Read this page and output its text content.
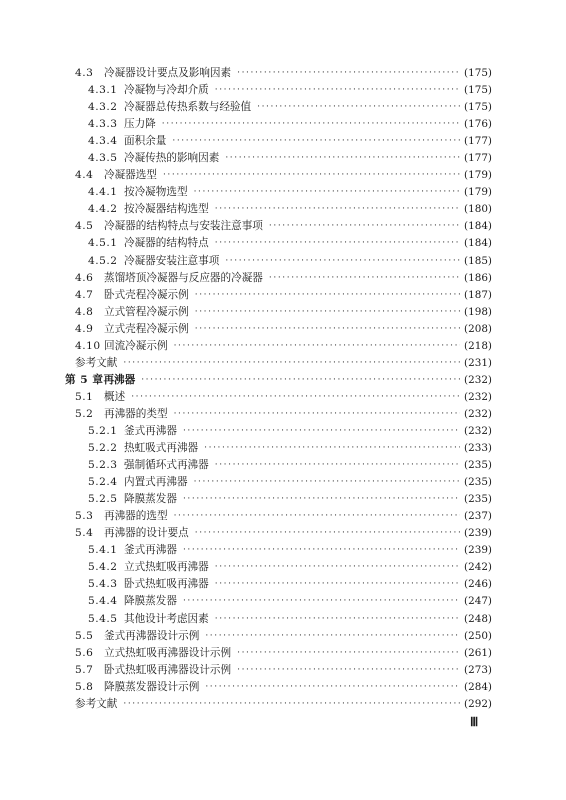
4.3	冷凝器设计要点及影响因素 ·····	(175)
4.3.1 冷凝物与冷却介质 ·····	(175)
4.3.2 冷凝器总传热系数与经验值 ·····	(175)
4.3.3 压力降 ·····	(176)
4.3.4 面积余量 ·····	(177)
4.3.5 冷凝传热的影响因素 ·····	(177)
4.4	冷凝器选型 ·····	(179)
4.4.1 按冷凝物选型 ·····	(179)
4.4.2 按冷凝器结构选型 ·····	(180)
4.5	冷凝器的结构特点与安装注意事项 ·····	(184)
4.5.1 冷凝器的结构特点 ·····	(184)
4.5.2 冷凝器安装注意事项 ·····	(185)
4.6	蒸馏塔顶冷凝器与反应器的冷凝器 ·····	(186)
4.7	卧式壳程冷凝示例 ·····	(187)
4.8	立式管程冷凝示例 ·····	(198)
4.9	立式壳程冷凝示例 ·····	(208)
4.10 回流冷凝示例 ·····	(218)
参考文献 ·····	(231)
第 5 章 再沸器 ·····	(232)
5.1	概述 ·····	(232)
5.2	再沸器的类型 ·····	(232)
5.2.1 釜式再沸器 ·····	(232)
5.2.2 热虹吸式再沸器 ·····	(233)
5.2.3 强制循环式再沸器 ·····	(235)
5.2.4 内置式再沸器 ·····	(235)
5.2.5 降膜蒸发器 ·····	(235)
5.3	再沸器的选型 ·····	(237)
5.4	再沸器的设计要点 ·····	(239)
5.4.1 釜式再沸器 ·····	(239)
5.4.2 立式热虹吸再沸器 ·····	(242)
5.4.3 卧式热虹吸再沸器 ·····	(246)
5.4.4 降膜蒸发器 ·····	(247)
5.4.5 其他设计考虑因素 ·····	(248)
5.5	釜式再沸器设计示例 ·····	(250)
5.6	立式热虹吸再沸器设计示例 ·····	(261)
5.7	卧式热虹吸再沸器设计示例 ·····	(273)
5.8	降膜蒸发器设计示例 ·····	(284)
参考文献 ·····	(292)
Ⅲ
